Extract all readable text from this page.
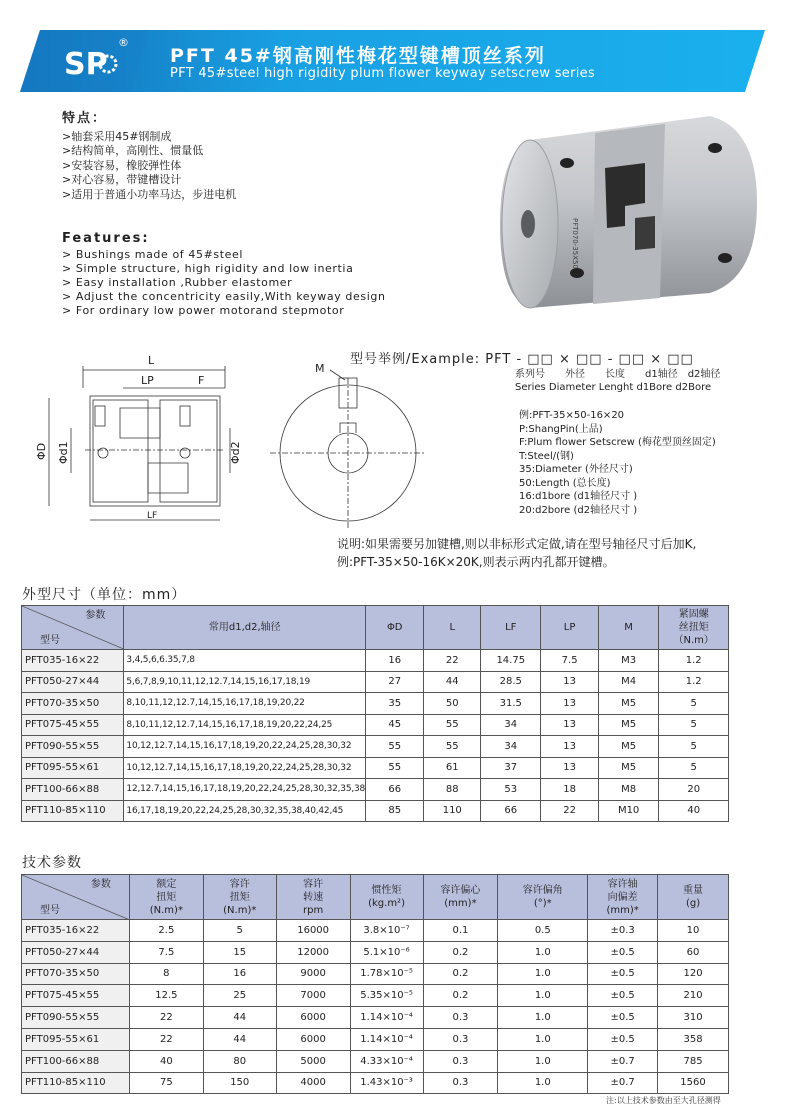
SP
®
PFT 45#钢高刚性梅花型键槽顶丝系列
PFT 45#steel high rigidity plum flower keyway setscrew series
特点：
>轴套采用45#钢制成
>结构简单，高刚性、惯量低
>安装容易，橡胶弹性体
>对心容易，带键槽设计
>适用于普通小功率马达，步进电机
Features:
> Bushings made of 45#steel
> Simple structure, high rigidity and low inertia
> Easy installation ,Rubber elastomer
> Adjust the concentricity easily,With keyway design
> For ordinary low power motorand stepmotor
PFT070-35X50
L
LP	F
LF
ΦD Φd1	Φd2
M
型号举例/Example: PFT - □□ × □□ - □□ × □□
系列号　　外径　　长度　　d1轴径　d2轴径
Series Diameter Lenght d1Bore d2Bore
例:PFT-35×50-16×20
P:ShangPin(上品)
F:Plum flower Setscrew (梅花型顶丝固定)
T:Steel/(钢)
35:Diameter (外径尺寸)
50:Length (总长度)
16:d1bore (d1轴径尺寸 )
20:d2bore (d2轴径尺寸 )
说明:如果需要另加键槽,则以非标形式定做,请在型号轴径尺寸后加K,
例:PFT-35×50-16K×20K,则表示两内孔都开键槽。
外型尺寸（单位：mm）
参数
型号	常用d1,d2,轴径	ΦD	L	LF	LP	M	紧固螺
丝扭矩
（N.m）
PFT035-16×22	3,4,5,6,6.35,7,8	16	22	14.75	7.5	M3	1.2
PFT050-27×44	5,6,7,8,9,10,11,12,12.7,14,15,16,17,18,19	27	44	28.5	13	M4	1.2
PFT070-35×50	8,10,11,12,12.7,14,15,16,17,18,19,20,22	35	50	31.5	13	M5	5
PFT075-45×55	8,10,11,12,12.7,14,15,16,17,18,19,20,22,24,25	45	55	34	13	M5	5
PFT090-55×55	10,12,12.7,14,15,16,17,18,19,20,22,24,25,28,30,32	55	55	34	13	M5	5
PFT095-55×61	10,12,12.7,14,15,16,17,18,19,20,22,24,25,28,30,32	55	61	37	13	M5	5
PFT100-66×88	12,12.7,14,15,16,17,18,19,20,22,24,25,28,30,32,35,38	66	88	53	18	M8	20
PFT110-85×110	16,17,18,19,20,22,24,25,28,30,32,35,38,40,42,45	85	110	66	22	M10	40
技术参数
参数
型号	额定
扭矩
(N.m)*	容许
扭矩
(N.m)*	容许
转速
rpm	惯性矩
(kg.m²)	容许偏心
(mm)*	容许偏角
(°)*	容许轴
向偏差
(mm)*	重量
(g)
PFT035-16×22	2.5	5	16000	3.8×10⁻⁷	0.1	0.5	±0.3	10
PFT050-27×44	7.5	15	12000	5.1×10⁻⁶	0.2	1.0	±0.5	60
PFT070-35×50	8	16	9000	1.78×10⁻⁵	0.2	1.0	±0.5	120
PFT075-45×55	12.5	25	7000	5.35×10⁻⁵	0.2	1.0	±0.5	210
PFT090-55×55	22	44	6000	1.14×10⁻⁴	0.3	1.0	±0.5	310
PFT095-55×61	22	44	6000	1.14×10⁻⁴	0.3	1.0	±0.5	358
PFT100-66×88	40	80	5000	4.33×10⁻⁴	0.3	1.0	±0.7	785
PFT110-85×110	75	150	4000	1.43×10⁻³	0.3	1.0	±0.7	1560
注:以上技术参数由至大孔径测得
